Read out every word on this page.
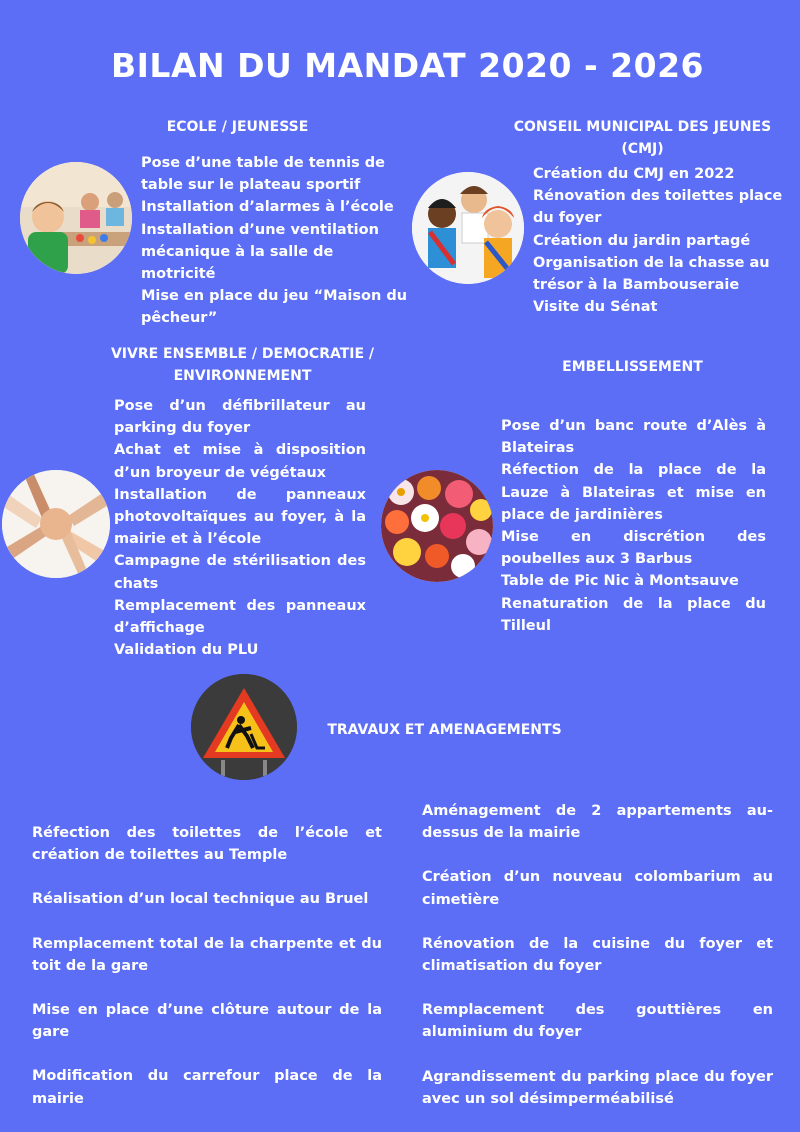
BILAN DU MANDAT 2020 - 2026
ECOLE / JEUNESSE
Pose d’une table de tennis de table sur le plateau sportif
Installation d’alarmes à l’école
Installation d’une ventilation mécanique à la salle de motricité
Mise en place du jeu “Maison du pêcheur”
CONSEIL MUNICIPAL DES JEUNES (CMJ)
Création du CMJ en 2022
Rénovation des toilettes place du foyer
Création du jardin partagé
Organisation de la chasse au trésor à la Bambouseraie
Visite du Sénat
VIVRE ENSEMBLE / DEMOCRATIE / ENVIRONNEMENT
Pose d’un défibrillateur au parking du foyer
Achat et mise à disposition d’un broyeur de végétaux
Installation de panneaux photovoltaïques au foyer, à la mairie et à l’école
Campagne de stérilisation des chats
Remplacement des panneaux d’affichage
Validation du PLU
EMBELLISSEMENT
Pose d’un banc route d’Alès à Blateiras
Réfection de la place de la Lauze à Blateiras et mise en place de jardinières
Mise en discrétion des poubelles aux 3 Barbus
Table de Pic Nic à Montsauve
Renaturation de la place du Tilleul
TRAVAUX ET AMENAGEMENTS

Réfection des toilettes de l’école et création de toilettes au Temple

Réalisation d’un local technique au Bruel

Remplacement total de la charpente et du toit de la gare

Mise en place d’une clôture autour de la gare

Modification du carrefour place de la mairie

Aménagement de 2 appartements au-dessus de la mairie

Création d’un nouveau colombarium au cimetière

Rénovation de la cuisine du foyer et climatisation du foyer

Remplacement des gouttières en aluminium du foyer

Agrandissement du parking place du foyer avec un sol désimperméabilisé
